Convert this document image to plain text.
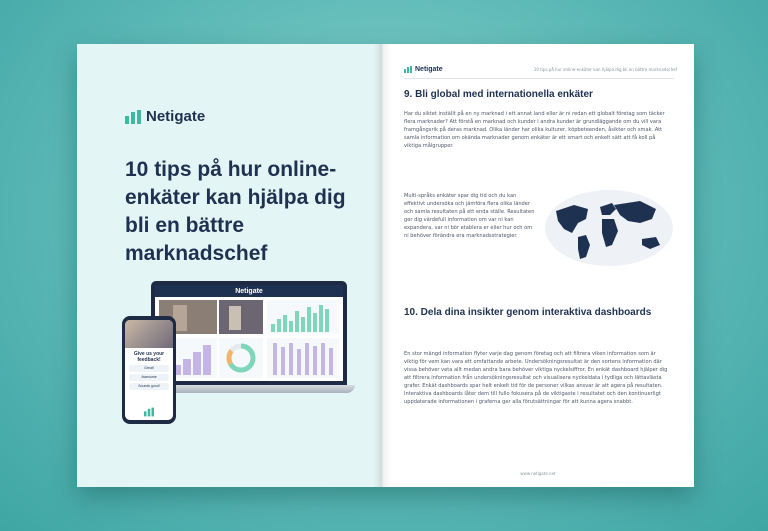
Netigate
10 tips på hur online-enkäter kan hjälpa dig bli en bättre marknadschef
Netigate
Give us your feedback!
Great!
Awesome
Sounds good!
Netigate	10 tips på hur online-enkäter kan hjälpa dig bli en bättre marknadschef
9. Bli global med internationella enkäter

Har du siktet inställt på en ny marknad i ett annat land eller är ni redan ett globalt företag som täcker flera marknader? Att förstå en marknad och kunder i andra kunder är grundläggande om du vill vara framgångsrik på deras marknad. Olika länder har olika kulturer, köpbeteenden, åsikter och smak. Att samla information om okända marknader genom enkäter är ett smart och enkelt sätt att få koll på viktiga målgrupper.

Multi-språks enkäter spar dig tid och du kan effektivt undersöka och jämföra flera olika länder och samla resultaten på ett enda ställe. Resultaten ger dig värdefull information om var ni kan expandera, var ni bör etablera er eller hur och om ni behöver förändra era marknadsstrategier.

10. Dela dina insikter genom interaktiva dashboards

En stor mängd information flyter varje dag genom företag och att filtrera viken information som är viktig för vem kan vara ett omfattande arbete. Undersökningsresultat är den sortens information där vissa behöver veta allt medan andra bara behöver viktiga nyckelsiffror. En enkät dashboard hjälper dig att filtrera information från undersökningsresultat och visualisera nyckeldata i tydliga och lättavlästa grafer. Enkät dashboards spar helt enkelt tid för de personer vilkas ansvar är att agera på resultaten. Interaktiva dashboards låter dem till fullo fokusera på de viktigaste i resultatet och den kontinuerligt uppdaterade informationen i graferna ger alla förutsättningar för att kunna agera snabbt.

www.netigate.net
